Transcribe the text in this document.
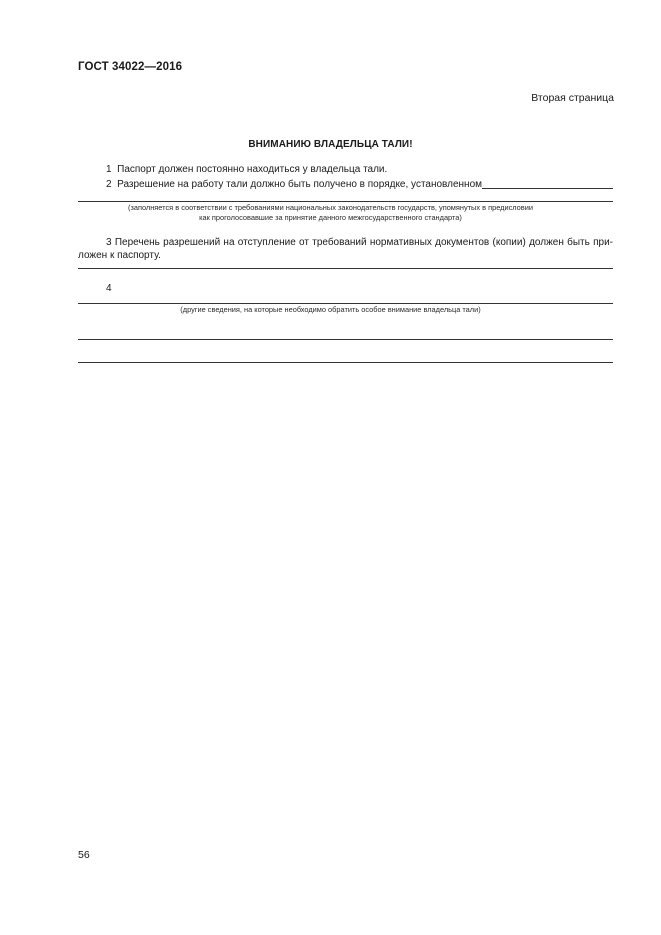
ГОСТ 34022—2016
Вторая страница
ВНИМАНИЮ ВЛАДЕЛЬЦА ТАЛИ!
1 Паспорт должен постоянно находиться у владельца тали.
2 Разрешение на работу тали должно быть получено в порядке, установленном
(заполняется в соответствии с требованиями национальных законодательств государств, упомянутых в предисловии
как проголосовавшие за принятие данного межгосударственного стандарта)
3 Перечень разрешений на отступление от требований нормативных документов (копии) должен быть при-ложен к паспорту.
4
(другие сведения, на которые необходимо обратить особое внимание владельца тали)
56
